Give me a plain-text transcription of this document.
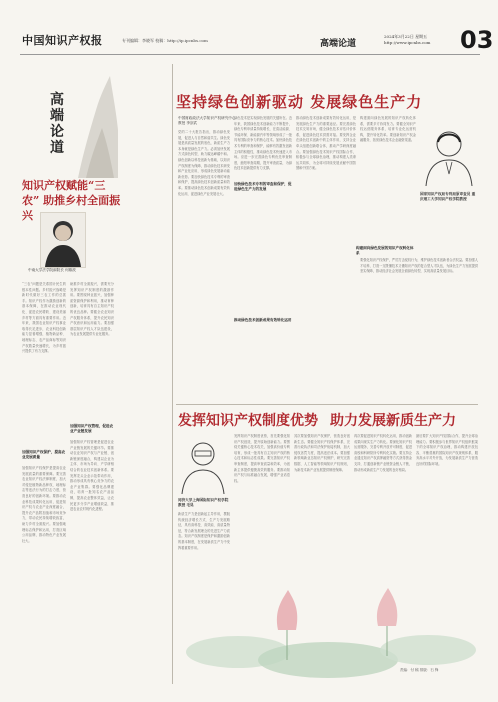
中国知识产权报	专刊编辑：李晓军 校稿：http://ip.ipcnbs.com	高端论道
2024年3月22日 星期五
http://www.ipcnbs.com 03
高端论道
知识产权赋能“三农” 助推乡村全面振兴
中南大学法学院副院长 何雄波
“三农”问题是关系国计民生的根本性问题。乡村振兴战略是新时代做好三农工作的总抓手。知识产权作为激励创新的基本保障，在推动农业现代化、促进农民增收、建设美丽乡村等方面具有重要作用。近年来，我国农业知识产权事业取得长足进步，农业科技创新能力显著增强，植物新品种、地理标志、农产品商标等知识产权数量快速增长，为乡村振兴提供了有力支撑。
加强知识产权保护，提高农业发展质量
加强知识产权保护是提高农业发展质量的重要保障。要完善农业知识产权法律制度，加大对侵犯植物新品种权、地理标志等违法行为的打击力度，营造良好的创新环境。要推动农业科技成果转化运用，促进知识产权与农业产业深度融合，提升农产品附加值和市场竞争力，带动农民持续增收致富，助力乡村全面振兴。要加强地理标志保护和运用，打造区域公用品牌，推动特色产业发展壮大。
助推乡村全面振兴，需要充分发挥知识产权制度的激励作用。要围绕种业振兴，加强种质资源保护和利用，推动育种创新，培育具有自主知识产权的优良品种。要健全农业知识产权服务体系，提升农民知识产权意识和运用能力。要加强基层知识产权人才队伍建设，为农业发展提供专业化服务。
加强知识产权管理，促进农业产业链发展
加强知识产权管理是促进农业产业链发展的关键环节。要推动农业知识产权与产业链、创新链深度融合，构建以企业为主体、市场为导向、产学研相结合的农业技术创新体系。要发挥龙头企业示范带动作用，推动形成具有核心竞争力的农业产业集群。要强化品牌建设，培育一批知名农产品品牌，提高农业整体效益，让农民更多分享产业增值收益，推进农业农村现代化进程。
坚持绿色创新驱动 发展绿色生产力
中国财政政法大学知识产权研究中心教授 李剑武
党的二十大报告指出，推动绿色发展，促进人与自然和谐共生。绿色发展是高质量发展的底色，新质生产力本身就是绿色生产力。必须加快发展方式绿色转型，助力碳达峰碳中和。绿色创新以科技创新为基础，以知识产权制度为保障，推动绿色技术研发和产业化应用，形成绿色发展新动能新优势。要加快绿色技术专利的审查和保护，提高绿色技术创新质量和效率。要推动绿色技术创新成果有效转化运用，促进绿色产业发展壮大。
绿色技术是实现绿色发展的关键所在。近年来，我国绿色技术创新能力不断提升，绿色专利申请量持续增长，在清洁能源、节能环保、新能源汽车等领域形成了一批具有国际竞争力的核心技术。加快绿色技术专利的审查和保护，能够有效激发创新主体的积极性，推动绿色技术快速进入市场。应进一步完善绿色专利优先审查制度，缩短审查周期，提升审查质量，为绿色技术创新提供有力支撑。
加快绿色技术专利的审查和保护，促进绿色生产力的发展
推动绿色技术创新成果有效转化运用
推动绿色技术创新成果有效转化运用，是发展绿色生产力的重要途径。要完善绿色技术交易市场，健全绿色技术评估评价体系，促进绿色技术供需对接。要发挥企业在绿色技术创新中的主体作用，支持企业牵头组建创新联合体，推动产学研深度融合。要加强绿色技术知识产权国际合作，积极参与全球绿色治理，推动构建人类命运共同体，为全球可持续发展贡献中国智慧和中国方案。
构建面向绿色发展的知识产权转化体系
构建面向绿色发展的知识产权转化体系，需要多方协同发力。要健全知识产权运营服务体系，培育专业化运营机构，提升转化效率。要创新知识产权金融服务，拓宽绿色技术企业融资渠道。
要强化知识产权保护，严厉打击侵权行为，维护绿色技术创新者合法权益。要加强人才培养，打造一支既懂技术又懂知识产权的复合型人才队伍，为绿色生产力发展提供坚实保障，推动经济社会发展全面绿色转型，实现高质量发展目标。
国家知识产权局专利局原审查员 重庆理工大学知识产权学院教授
发挥知识产权制度优势 助力发展新质生产力
同济大学上海国际知识产权学院教授 毛昊
新质生产力是创新起主导作用，摆脱传统经济增长方式、生产力发展路径，具有高科技、高效能、高质量特征，符合新发展理念的先进生产力质态。知识产权制度是保护和激励创新的基本制度，在发展新质生产力中发挥着重要作用。
发挥知识产权制度优势，首先要强化知识产权创造，提升原始创新能力。要围绕关键核心技术攻关，加强高价值专利培育，形成一批具有自主知识产权的核心技术和标志性成果。要完善知识产权审查制度，提高审查质量和效率，为创新主体提供便捷高效的服务。要推动知识产权与标准融合发展，增强产业话语权。
其次要加强知识产权保护，营造良好创新生态。要健全知识产权保护体系，完善行政执法和司法保护衔接机制，加大侵权惩罚力度，提高违法成本。要加强新领域新业态知识产权保护，研究完善数据、人工智能等领域知识产权规则，为新技术新产业发展提供制度保障。
再次要促进知识产权转化运用，推动创新成果向现实生产力转化。要深化知识产权运营服务，完善专利开放许可制度，促进高校和科研院所专利转化实施。要支持企业通过知识产权质押融资等方式获得资金支持，打通创新链产业链资金链人才链，推动形成新质生产力发展的良好格局。
最后要扩大知识产权国际合作，提升全球治理能力。要积极参与世界知识产权组织框架下的全球知识产权治理，推动构建开放包容、平衡普惠的国际知识产权规则体系，服务高水平对外开放，为发展新质生产力营造良好的国际环境。
责编：付 稿 排版：石 锋
